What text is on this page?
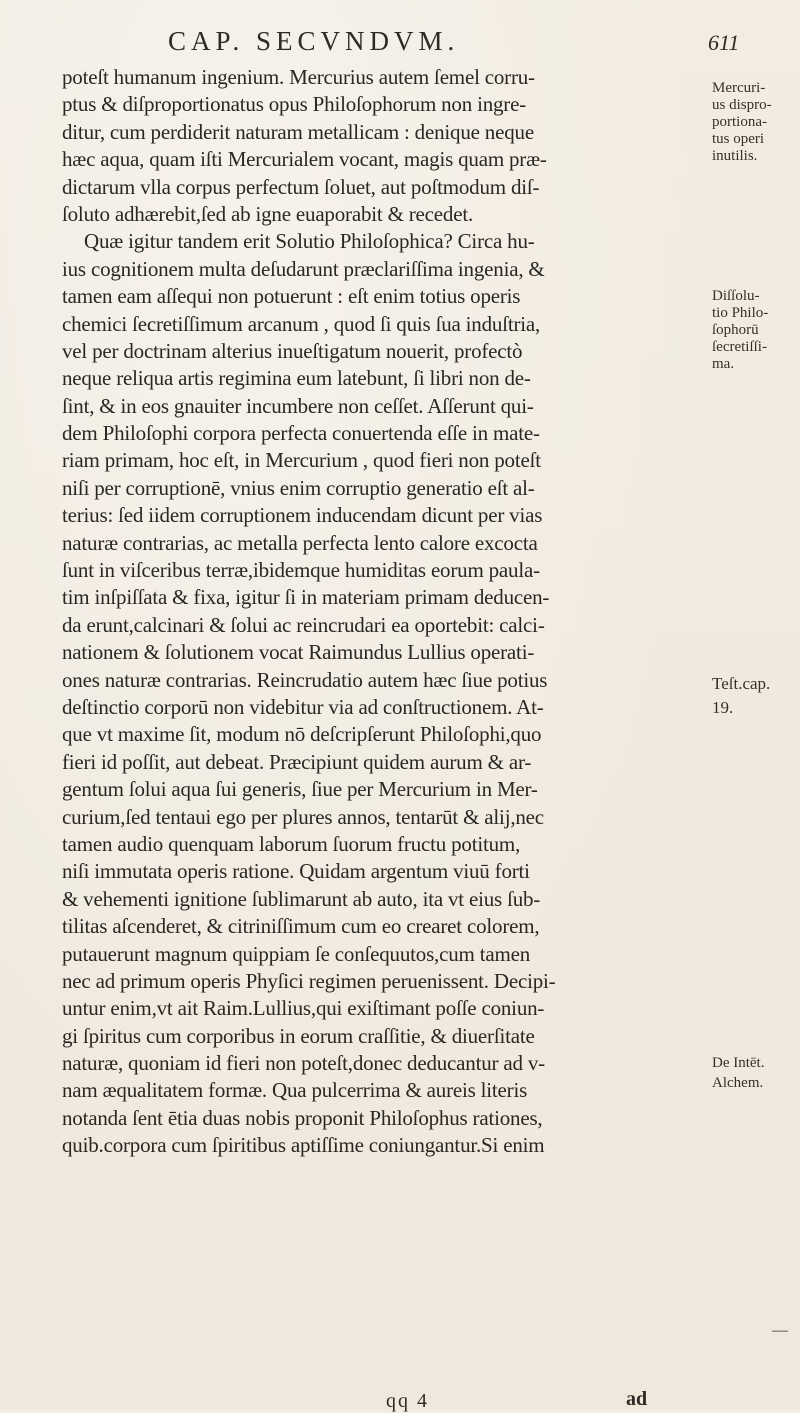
CAP. SECVNDVM.	611
poteſt humanum ingenium. Mercurius autem ſemel corru-
ptus & diſproportionatus opus Philoſophorum non ingre-
ditur, cum perdiderit naturam metallicam : denique neque
hæc aqua, quam iſti Mercurialem vocant, magis quam præ-
dictarum vlla corpus perfectum ſoluet, aut poſtmodum diſ-
ſoluto adhærebit,ſed ab igne euaporabit & recedet.
Quæ igitur tandem erit Solutio Philoſophica? Circa hu-
ius cognitionem multa deſudarunt præclariſſima ingenia, &
tamen eam aſſequi non potuerunt : eſt enim totius operis
chemici ſecretiſſimum arcanum , quod ſi quis ſua induſtria,
vel per doctrinam alterius inueſtigatum nouerit, profectò
neque reliqua artis regimina eum latebunt, ſi libri non de-
ſint, & in eos gnauiter incumbere non ceſſet. Aſſerunt qui-
dem Philoſophi corpora perfecta conuertenda eſſe in mate-
riam primam, hoc eſt, in Mercurium , quod fieri non poteſt
niſi per corruptionē, vnius enim corruptio generatio eſt al-
terius: ſed iidem corruptionem inducendam dicunt per vias
naturæ contrarias, ac metalla perfecta lento calore excocta
ſunt in viſceribus terræ,ibidemque humiditas eorum paula-
tim inſpiſſata & fixa, igitur ſi in materiam primam deducen-
da erunt,calcinari & ſolui ac reincrudari ea oportebit: calci-
nationem & ſolutionem vocat Raimundus Lullius operati-
ones naturæ contrarias. Reincrudatio autem hæc ſiue potius
deſtinctio corporū non videbitur via ad conſtructionem. At-
que vt maxime ſit, modum nō deſcripſerunt Philoſophi,quo
fieri id poſſit, aut debeat. Præcipiunt quidem aurum & ar-
gentum ſolui aqua ſui generis, ſiue per Mercurium in Mer-
curium,ſed tentaui ego per plures annos, tentarūt & alij,nec
tamen audio quenquam laborum ſuorum fructu potitum,
niſi immutata operis ratione. Quidam argentum viuū forti
& vehementi ignitione ſublimarunt ab auto, ita vt eius ſub-
tilitas aſcenderet, & citriniſſimum cum eo crearet colorem,
putauerunt magnum quippiam ſe conſequutos,cum tamen
nec ad primum operis Phyſici regimen peruenissent. Decipi-
untur enim,vt ait Raim.Lullius,qui exiſtimant poſſe coniun-
gi ſpiritus cum corporibus in eorum craſſitie, & diuerſitate
naturæ, quoniam id fieri non poteſt,donec deducantur ad v-
nam æqualitatem formæ. Qua pulcerrima & aureis literis
notanda ſent ētia duas nobis proponit Philoſophus rationes,
quib.corpora cum ſpiritibus aptiſſime coniungantur.Si enim
Mercuri-
us dispro-
portiona-
tus operi
inutilis.
Diſſolu-
tio Philo-
ſophorū
ſecretiſſi-
ma.
Teſt.cap.
19.
De Intēt.
Alchem.
qq 4	ad
—
